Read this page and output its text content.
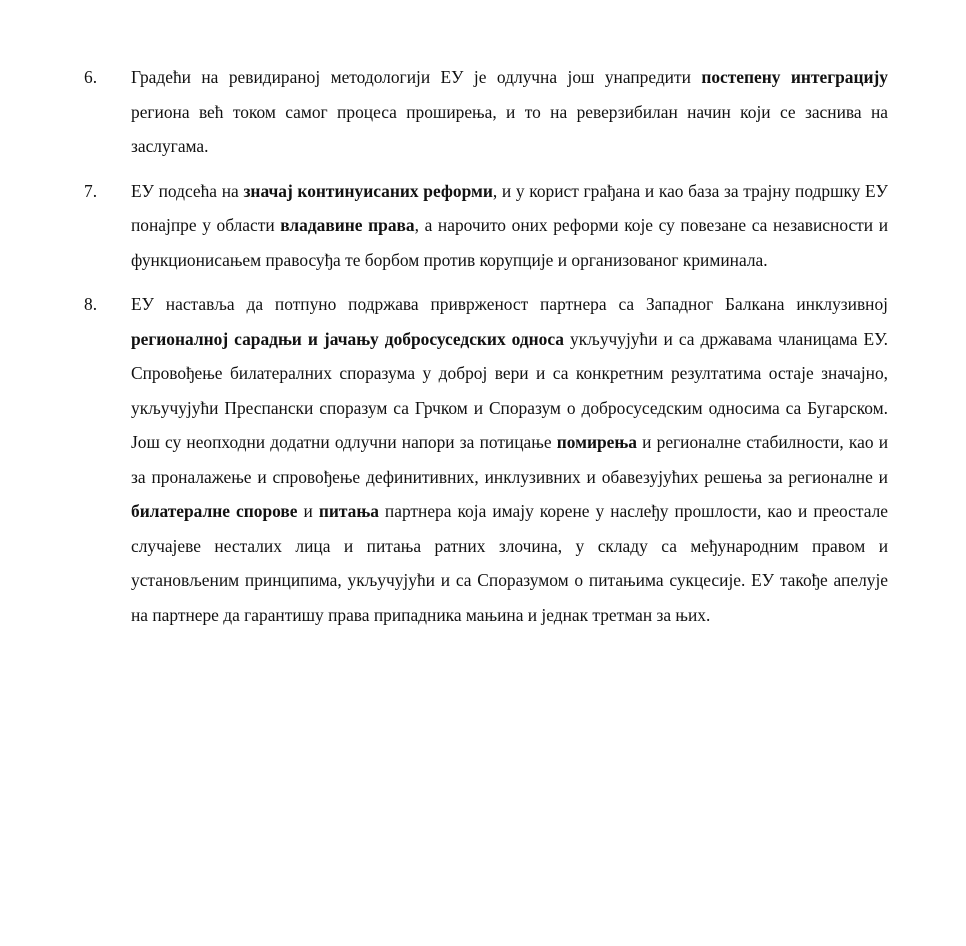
6.	Градећи на ревидираној методологији ЕУ је одлучна још унапредити постепену интеграцију региона већ током самог процеса проширења, и то на реверзибилан начин који се заснива на заслугама.
7.	ЕУ подсећа на значај континуисаних реформи, и у корист грађана и као база за трајну подршку ЕУ понајпре у области владавине права, а нарочито оних реформи које су повезане са независности и функционисањем правосуђа те борбом против корупције и организованог криминала.
8.	ЕУ наставља да потпуно подржава привржeност партнера са Западног Балкана инклузивној регионалној сарадњи и јачању добросуседских односа укључујући и са државама чланицама ЕУ. Спровођење билатералних споразума у доброј вери и са конкретним резултатима остаје значајно, укључујући Преспански споразум са Грчком и Споразум о добросуседским односима са Бугарском. Још су неопходни додатни одлучни напори за потицање помирења и регионалне стабилности, као и за проналажење и спровођење дефинитивних, инклузивних и обавезујућих решења за регионалне и билатералне спорове и питања партнера која имају корене у наслеђу прошлости, као и преостале случајеве несталих лица и питања ратних злочина, у складу са међународним правом и установљеним принципима, укључујући и са Споразумом о питањима сукцесије. ЕУ такође апелује на партнере да гарантишу права припадника мањина и једнак третман за њих.
